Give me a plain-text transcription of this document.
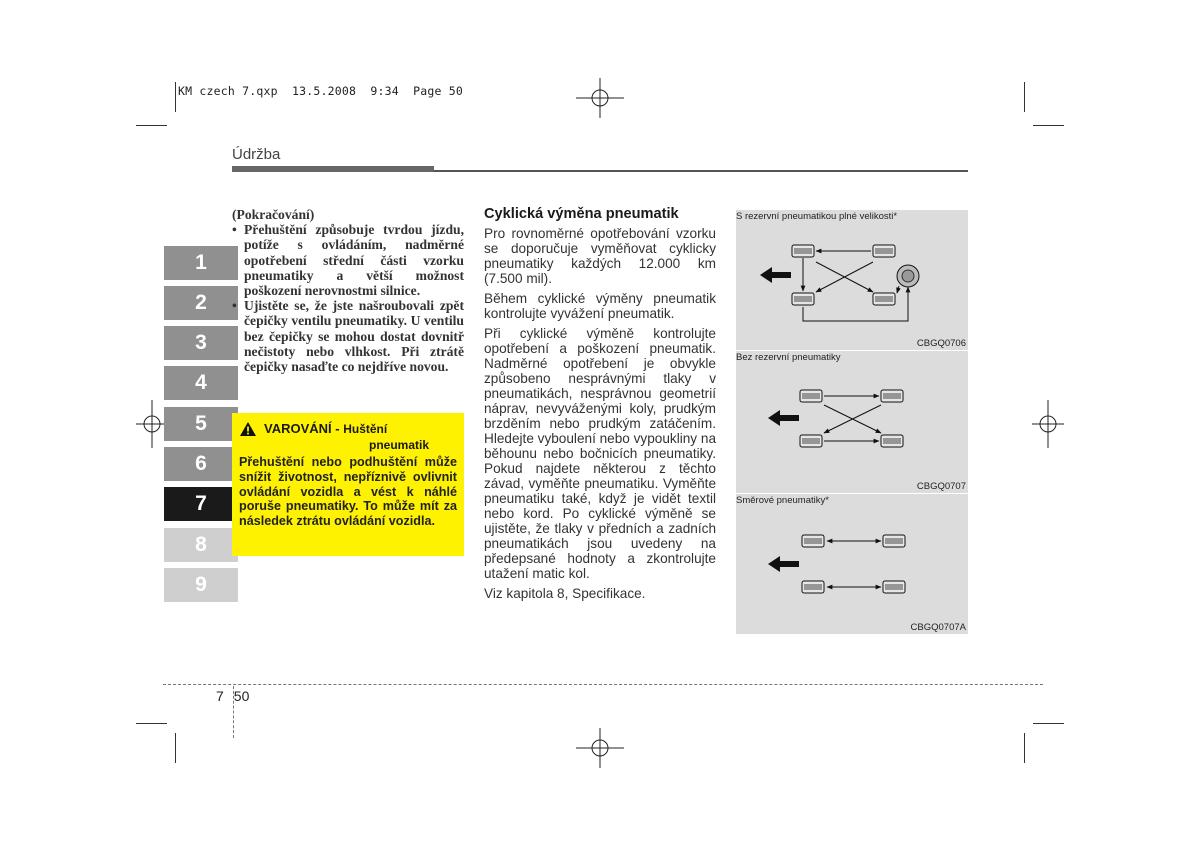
KM czech 7.qxp  13.5.2008  9:34  Page 50
Údržba
1
2
3
4
5
6
7
8
9
(Pokračování)
• Přehuštění způsobuje tvrdou jízdu, potíže s ovládáním, nadměrné opotřebení střední části vzorku pneumatiky a větší možnost poškození nerovnostmi silnice.
• Ujistěte se, že jste našroubovali zpět čepičky ventilu pneumatiky. U ventilu bez čepičky se mohou dostat dovnitř nečistoty nebo vlhkost. Při ztrátě čepičky nasaďte co nejdříve novou.
VAROVÁNÍ - Huštění
pneumatik
Přehuštění nebo podhuštění může snížit životnost, nepříznivě ovlivnit ovládání vozidla a vést k náhlé poruše pneumatiky. To může mít za následek ztrátu ovládání vozidla.
Cyklická výměna pneumatik

Pro rovnoměrné opotřebování vzorku se doporučuje vyměňovat cyklicky pneumatiky každých 12.000 km (7.500 mil).

Během cyklické výměny pneumatik kontrolujte vyvážení pneumatik.

Při cyklické výměně kontrolujte opotřebení a poškození pneumatik. Nadměrné opotřebení je obvykle způsobeno nesprávnými tlaky v pneumatikách, nesprávnou geometrií náprav, nevyváženými koly, prudkým brzděním nebo prudkým zatáčením. Hledejte vyboulení nebo vypoukliny na běhounu nebo bočnicích pneumatiky. Pokud najdete některou z těchto závad, vyměňte pneumatiku. Vyměňte pneumatiku také, když je vidět textil nebo kord. Po cyklické výměně se ujistěte, že tlaky v předních a zadních pneumatikách jsou uvedeny na předepsané hodnoty a zkontrolujte utažení matic kol.

Viz kapitola 8, Specifikace.

S rezervní pneumatikou plné velikosti*
CBGQ0706
Bez rezervní pneumatiky
CBGQ0707
Směrové pneumatiky*
CBGQ0707A
7 50
